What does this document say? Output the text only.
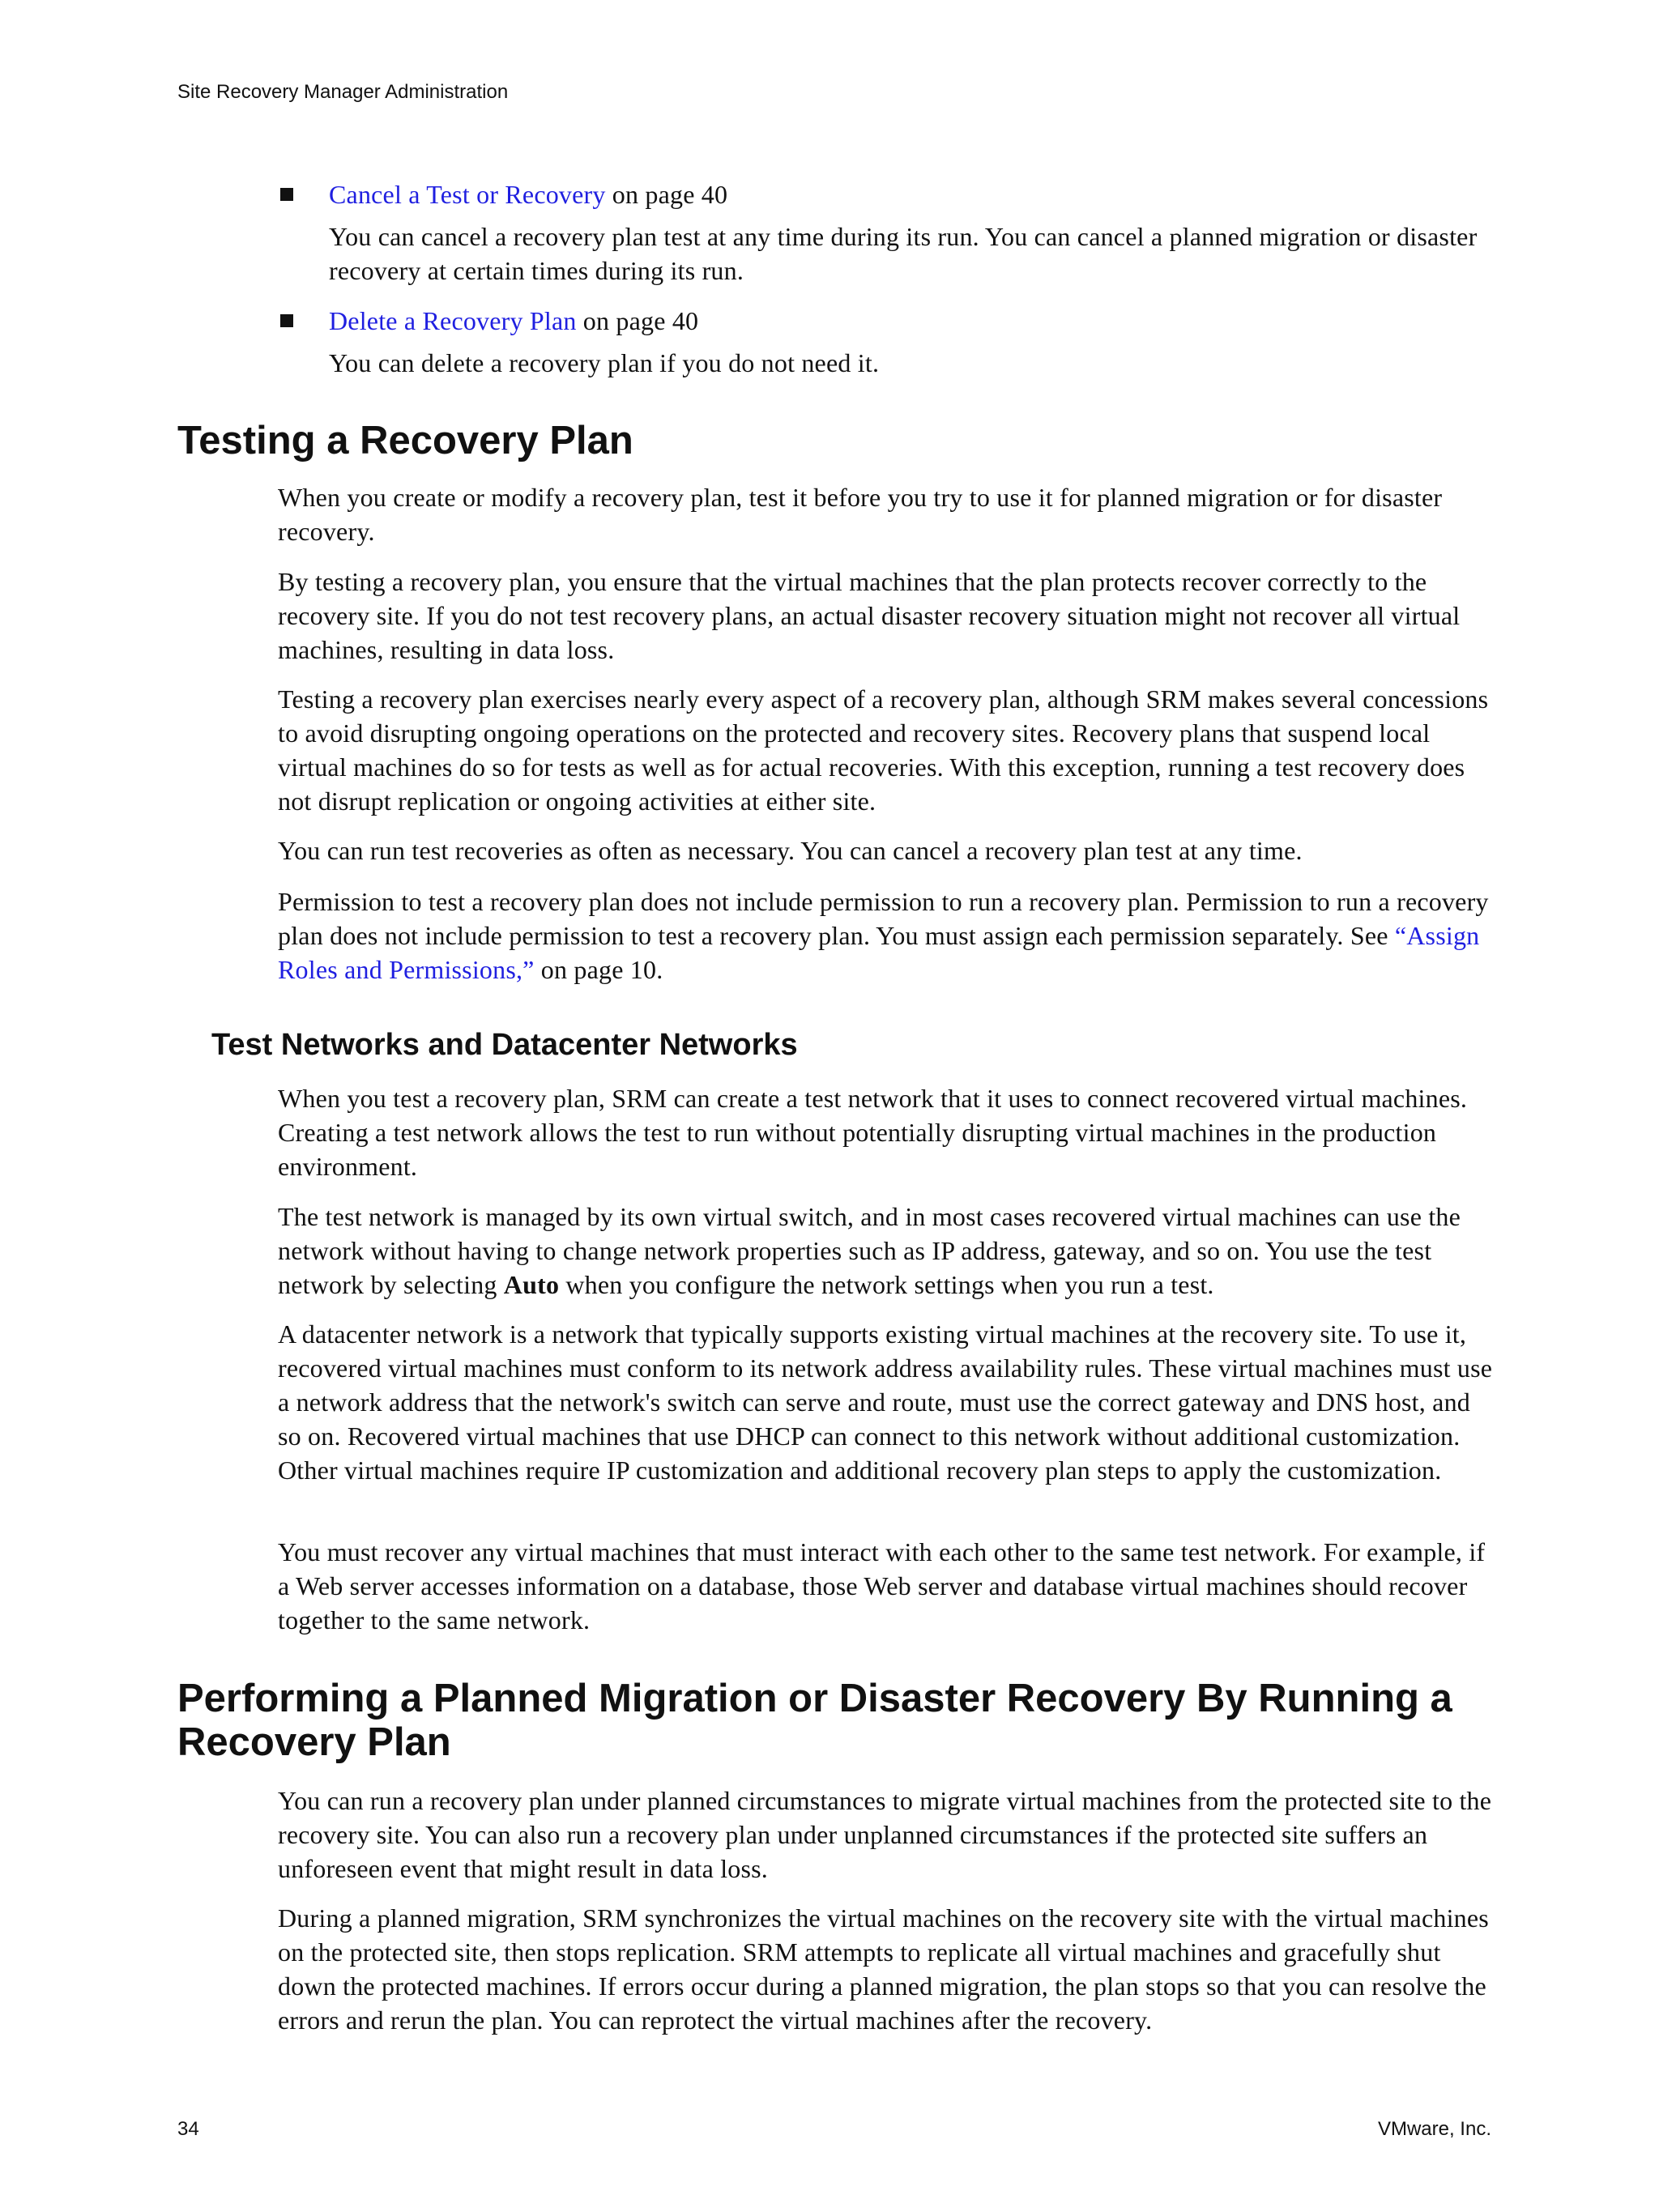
Site Recovery Manager Administration

Cancel a Test or Recovery on page 40

You can cancel a recovery plan test at any time during its run. You can cancel a planned migration or disaster recovery at certain times during its run.

Delete a Recovery Plan on page 40

You can delete a recovery plan if you do not need it.

Testing a Recovery Plan

When you create or modify a recovery plan, test it before you try to use it for planned migration or for disaster recovery.

By testing a recovery plan, you ensure that the virtual machines that the plan protects recover correctly to the recovery site. If you do not test recovery plans, an actual disaster recovery situation might not recover all virtual machines, resulting in data loss.

Testing a recovery plan exercises nearly every aspect of a recovery plan, although SRM makes several concessions to avoid disrupting ongoing operations on the protected and recovery sites. Recovery plans that suspend local virtual machines do so for tests as well as for actual recoveries. With this exception, running a test recovery does not disrupt replication or ongoing activities at either site.

You can run test recoveries as often as necessary. You can cancel a recovery plan test at any time.

Permission to test a recovery plan does not include permission to run a recovery plan. Permission to run a recovery plan does not include permission to test a recovery plan. You must assign each permission separately. See “Assign Roles and Permissions,” on page 10.

Test Networks and Datacenter Networks

When you test a recovery plan, SRM can create a test network that it uses to connect recovered virtual machines. Creating a test network allows the test to run without potentially disrupting virtual machines in the production environment.

The test network is managed by its own virtual switch, and in most cases recovered virtual machines can use the network without having to change network properties such as IP address, gateway, and so on. You use the test network by selecting Auto when you configure the network settings when you run a test.

A datacenter network is a network that typically supports existing virtual machines at the recovery site. To use it, recovered virtual machines must conform to its network address availability rules. These virtual machines must use a network address that the network's switch can serve and route, must use the correct gateway and DNS host, and so on. Recovered virtual machines that use DHCP can connect to this network without additional customization. Other virtual machines require IP customization and additional recovery plan steps to apply the customization.

You must recover any virtual machines that must interact with each other to the same test network. For example, if a Web server accesses information on a database, those Web server and database virtual machines should recover together to the same network.

Performing a Planned Migration or Disaster Recovery By Running a Recovery Plan

You can run a recovery plan under planned circumstances to migrate virtual machines from the protected site to the recovery site. You can also run a recovery plan under unplanned circumstances if the protected site suffers an unforeseen event that might result in data loss.

During a planned migration, SRM synchronizes the virtual machines on the recovery site with the virtual machines on the protected site, then stops replication. SRM attempts to replicate all virtual machines and gracefully shut down the protected machines. If errors occur during a planned migration, the plan stops so that you can resolve the errors and rerun the plan. You can reprotect the virtual machines after the recovery.

34	VMware, Inc.
